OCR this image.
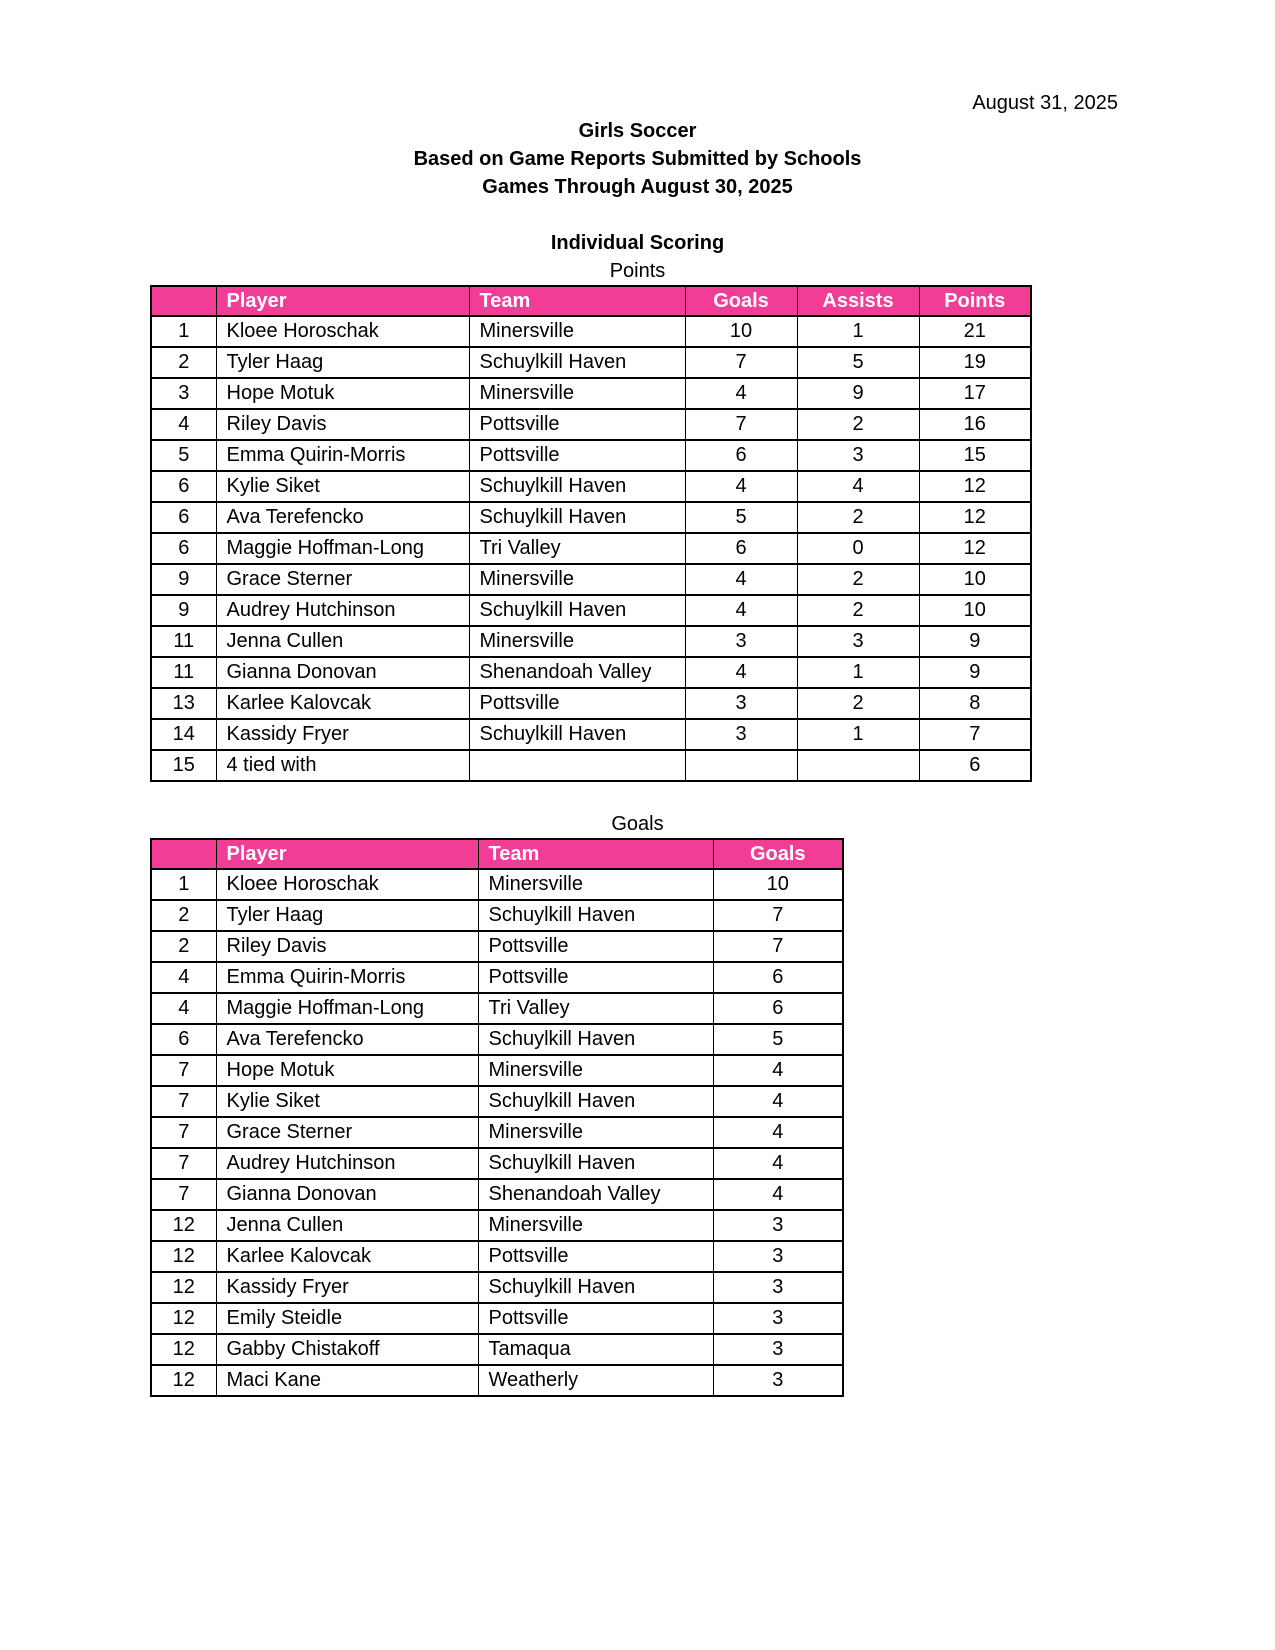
August 31, 2025
Girls Soccer
Based on Game Reports Submitted by Schools
Games Through August 30, 2025
Individual Scoring
Points
	Player	Team	Goals	Assists	Points
1	Kloee Horoschak	Minersville	10	1	21
2	Tyler Haag	Schuylkill Haven	7	5	19
3	Hope Motuk	Minersville	4	9	17
4	Riley Davis	Pottsville	7	2	16
5	Emma Quirin-Morris	Pottsville	6	3	15
6	Kylie Siket	Schuylkill Haven	4	4	12
6	Ava Terefencko	Schuylkill Haven	5	2	12
6	Maggie Hoffman-Long	Tri Valley	6	0	12
9	Grace Sterner	Minersville	4	2	10
9	Audrey Hutchinson	Schuylkill Haven	4	2	10
11	Jenna Cullen	Minersville	3	3	9
11	Gianna Donovan	Shenandoah Valley	4	1	9
13	Karlee Kalovcak	Pottsville	3	2	8
14	Kassidy Fryer	Schuylkill Haven	3	1	7
15	4 tied with				6
Goals
	Player	Team	Goals
1	Kloee Horoschak	Minersville	10
2	Tyler Haag	Schuylkill Haven	7
2	Riley Davis	Pottsville	7
4	Emma Quirin-Morris	Pottsville	6
4	Maggie Hoffman-Long	Tri Valley	6
6	Ava Terefencko	Schuylkill Haven	5
7	Hope Motuk	Minersville	4
7	Kylie Siket	Schuylkill Haven	4
7	Grace Sterner	Minersville	4
7	Audrey Hutchinson	Schuylkill Haven	4
7	Gianna Donovan	Shenandoah Valley	4
12	Jenna Cullen	Minersville	3
12	Karlee Kalovcak	Pottsville	3
12	Kassidy Fryer	Schuylkill Haven	3
12	Emily Steidle	Pottsville	3
12	Gabby Chistakoff	Tamaqua	3
12	Maci Kane	Weatherly	3
